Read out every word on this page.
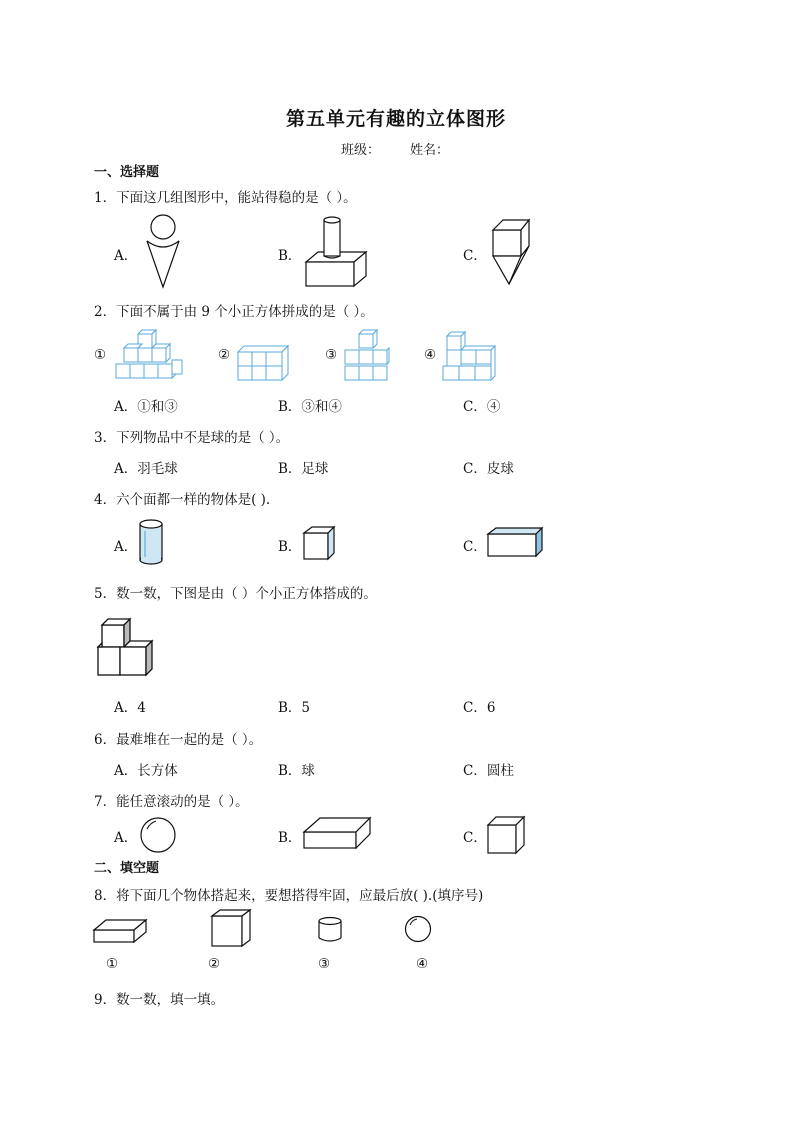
第五单元有趣的立体图形
班级： 姓名：
一、选择题
1．下面这几组图形中，能站得稳的是（ ）。
A．	B．	C．
2．下面不属于由 9 个小正方体拼成的是（ ）。
①	②	③	④
A．①和③	B．③和④	C．④
3．下列物品中不是球的是（ ）。
A．羽毛球	B．足球	C．皮球
4．六个面都一样的物体是( ).
A．	B．	C．
5．数一数，下图是由（ ）个小正方体搭成的。
A．4	B．5	C．6
6．最难堆在一起的是（ ）。
A．长方体	B．球	C．圆柱
7．能任意滚动的是（ ）。
A．	B．	C．
二、填空题
8．将下面几个物体搭起来，要想搭得牢固，应最后放( ).(填序号)
①	②	③	④
9．数一数，填一填。
